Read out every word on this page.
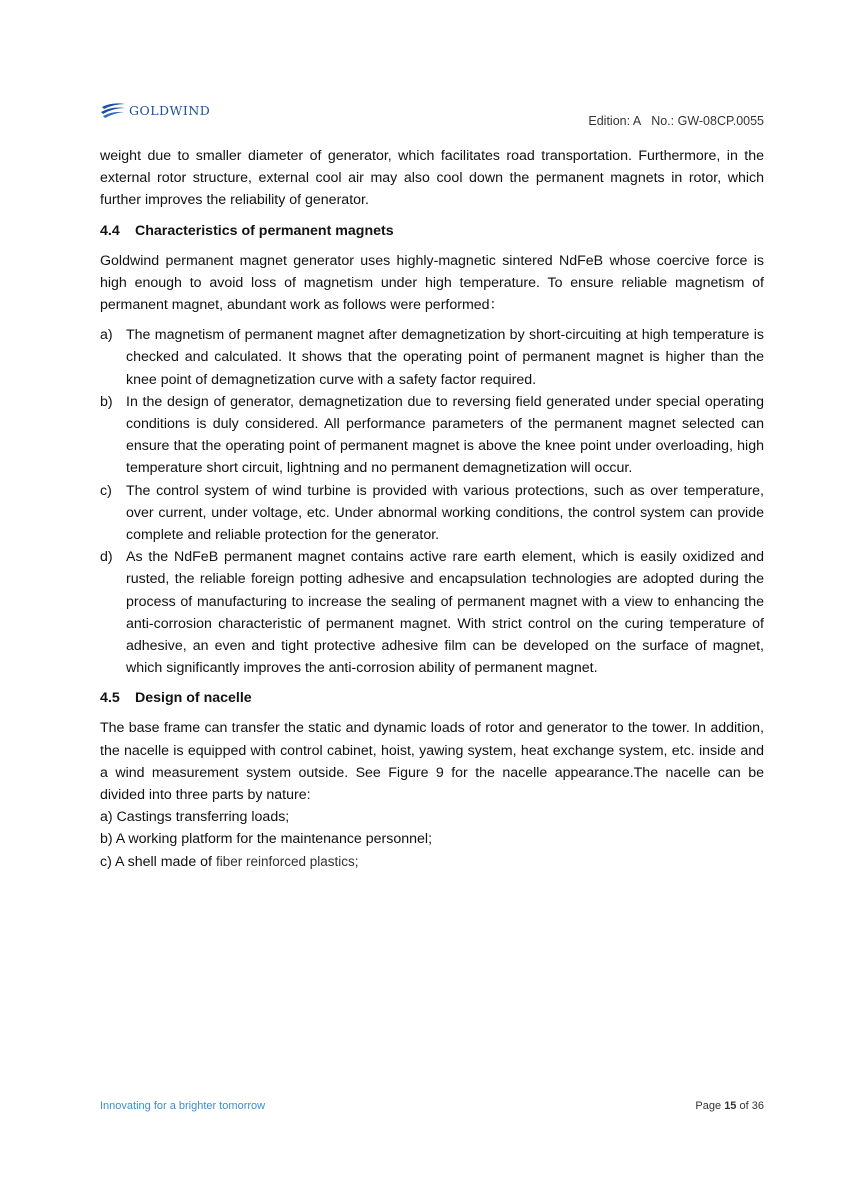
GOLDWIND
Edition: A No.: GW-08CP.0055

weight due to smaller diameter of generator, which facilitates road transportation. Furthermore, in the external rotor structure, external cool air may also cool down the permanent magnets in rotor, which further improves the reliability of generator.

4.4 Characteristics of permanent magnets

Goldwind permanent magnet generator uses highly-magnetic sintered NdFeB whose coercive force is high enough to avoid loss of magnetism under high temperature. To ensure reliable magnetism of permanent magnet, abundant work as follows were performed：

a) The magnetism of permanent magnet after demagnetization by short-circuiting at high temperature is checked and calculated. It shows that the operating point of permanent magnet is higher than the knee point of demagnetization curve with a safety factor required.
b) In the design of generator, demagnetization due to reversing field generated under special operating conditions is duly considered. All performance parameters of the permanent magnet selected can ensure that the operating point of permanent magnet is above the knee point under overloading, high temperature short circuit, lightning and no permanent demagnetization will occur.
c) The control system of wind turbine is provided with various protections, such as over temperature, over current, under voltage, etc. Under abnormal working conditions, the control system can provide complete and reliable protection for the generator.
d) As the NdFeB permanent magnet contains active rare earth element, which is easily oxidized and rusted, the reliable foreign potting adhesive and encapsulation technologies are adopted during the process of manufacturing to increase the sealing of permanent magnet with a view to enhancing the anti-corrosion characteristic of permanent magnet. With strict control on the curing temperature of adhesive, an even and tight protective adhesive film can be developed on the surface of magnet, which significantly improves the anti-corrosion ability of permanent magnet.
4.5 Design of nacelle

The base frame can transfer the static and dynamic loads of rotor and generator to the tower. In addition, the nacelle is equipped with control cabinet, hoist, yawing system, heat exchange system, etc. inside and a wind measurement system outside. See Figure 9 for the nacelle appearance.The nacelle can be divided into three parts by nature:

a) Castings transferring loads;

b) A working platform for the maintenance personnel;

c) A shell made of fiber reinforced plastics;

Innovating for a brighter tomorrow	Page 15 of 36
